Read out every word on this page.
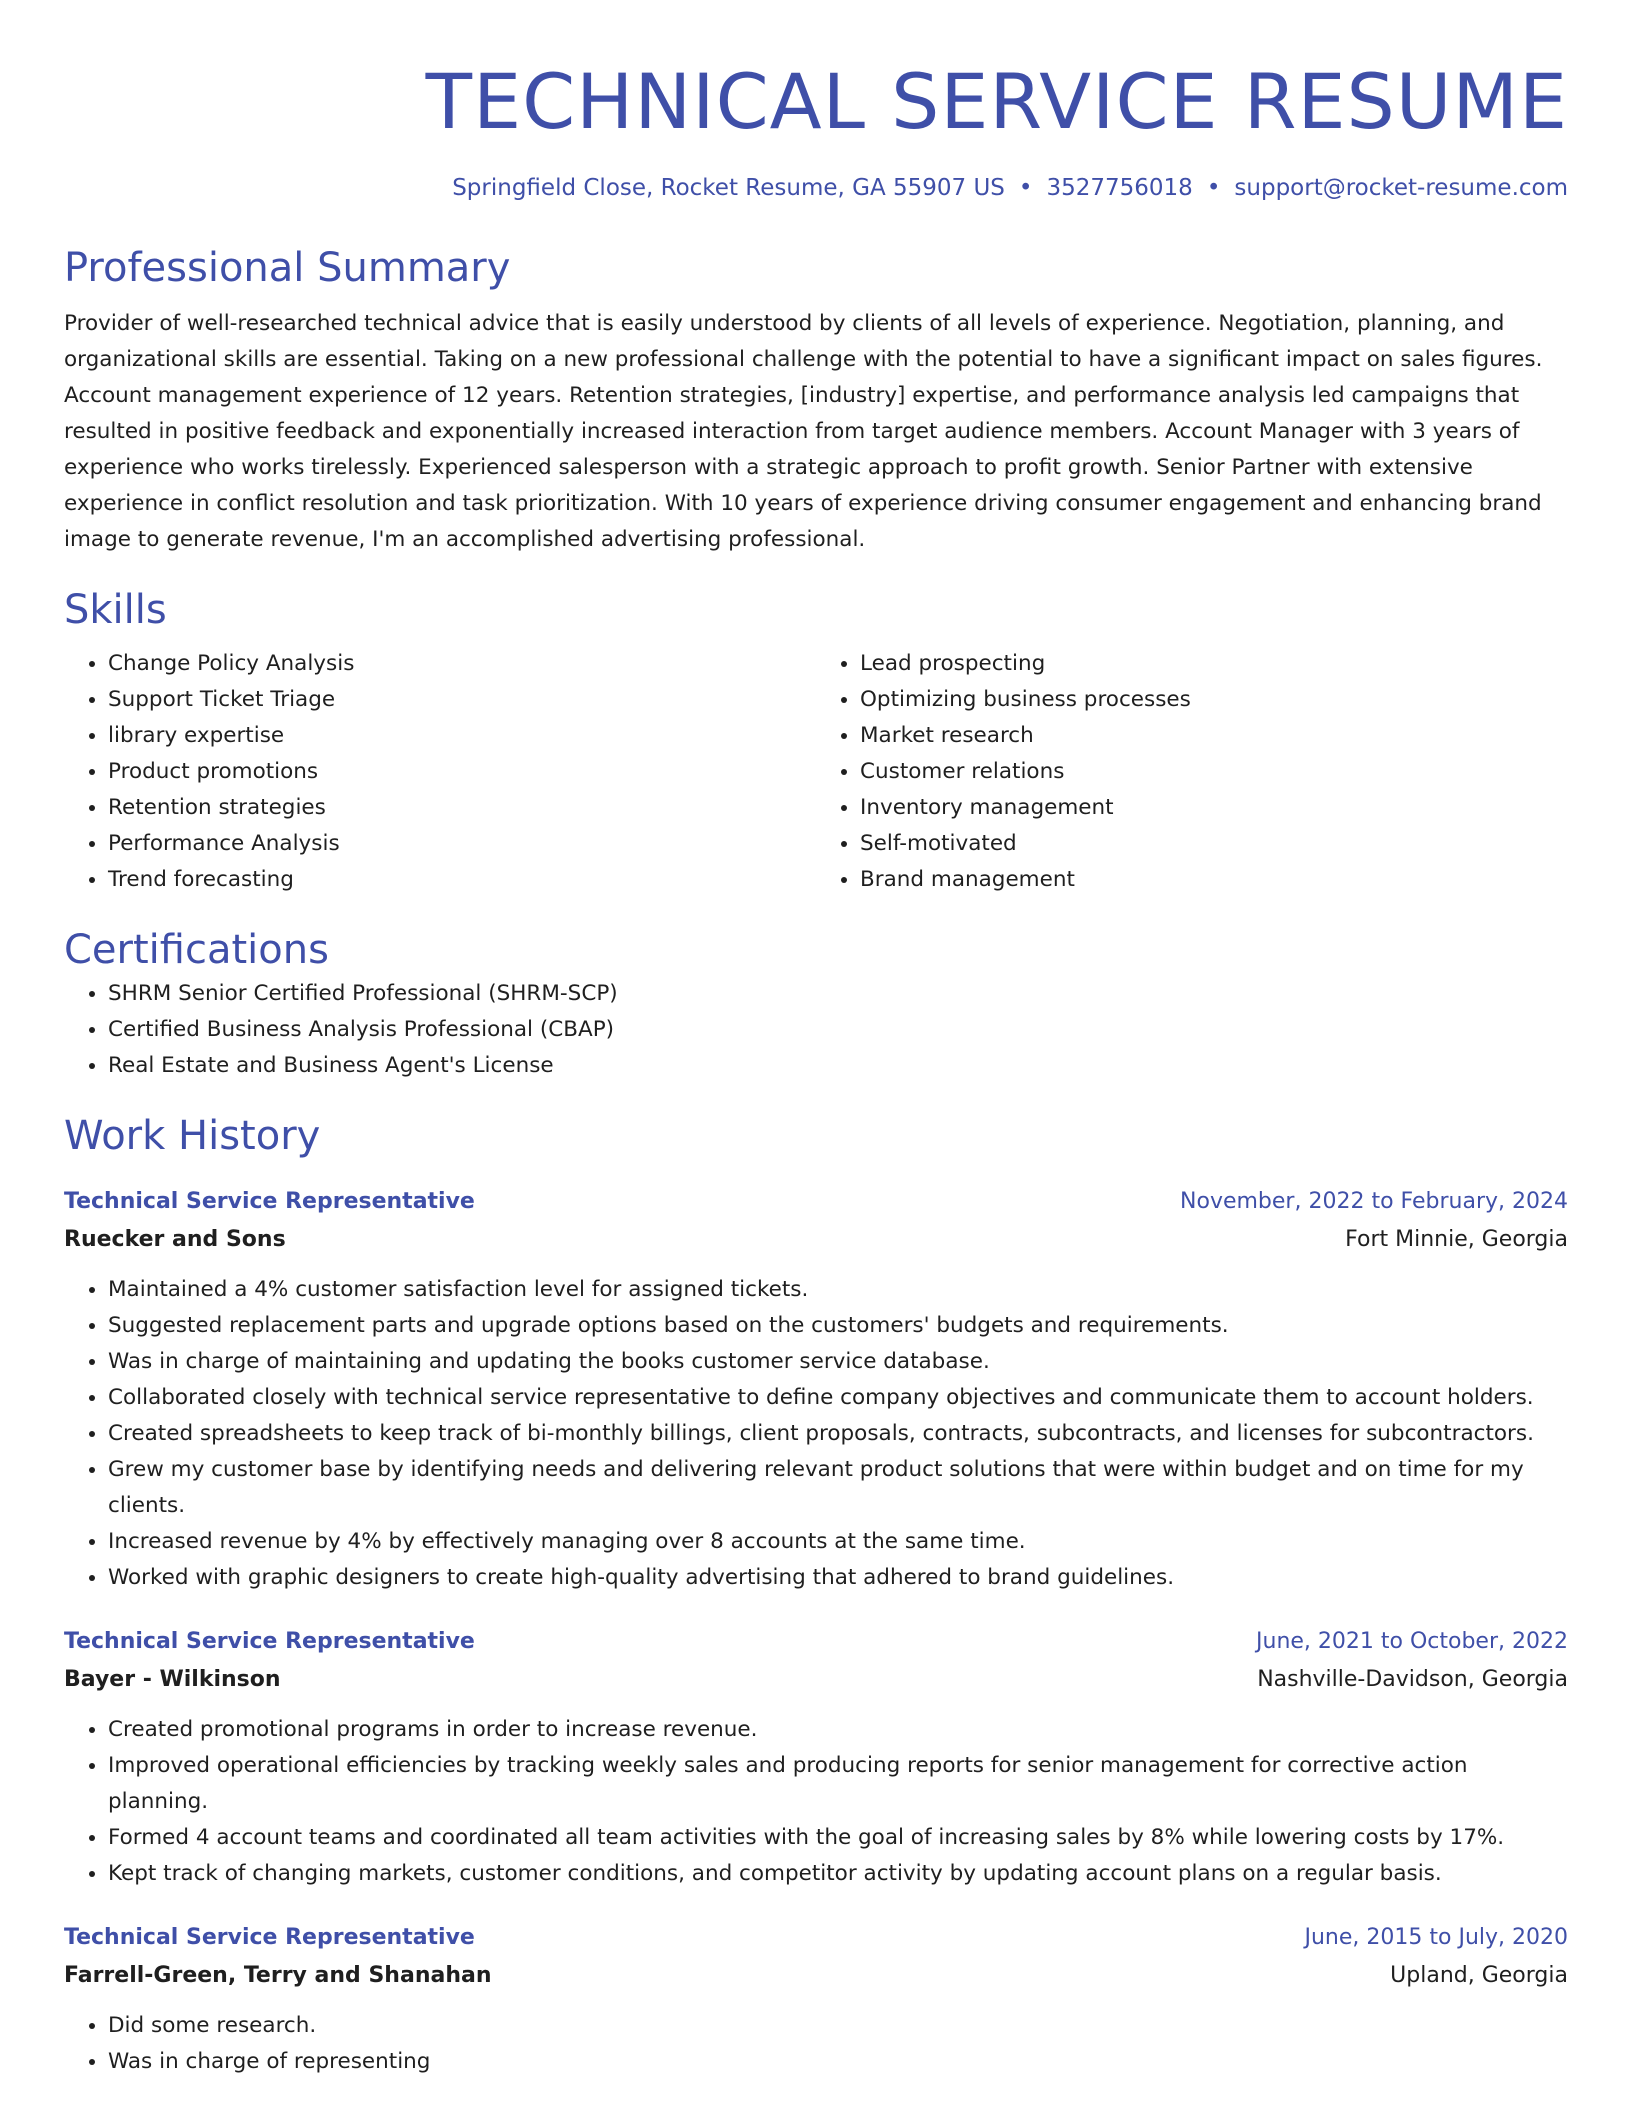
TECHNICAL SERVICE RESUME
Springfield Close, Rocket Resume, GA 55907 US • 3527756018 • support@rocket-resume.com
Professional Summary
Provider of well-researched technical advice that is easily understood by clients of all levels of experience. Negotiation, planning, and organizational skills are essential. Taking on a new professional challenge with the potential to have a significant impact on sales figures. Account management experience of 12 years. Retention strategies, [industry] expertise, and performance analysis led campaigns that resulted in positive feedback and exponentially increased interaction from target audience members. Account Manager with 3 years of experience who works tirelessly. Experienced salesperson with a strategic approach to profit growth. Senior Partner with extensive experience in conflict resolution and task prioritization. With 10 years of experience driving consumer engagement and enhancing brand image to generate revenue, I'm an accomplished advertising professional.
Skills
• Change Policy Analysis
• Support Ticket Triage
• library expertise
• Product promotions
• Retention strategies
• Performance Analysis
• Trend forecasting
• Lead prospecting
• Optimizing business processes
• Market research
• Customer relations
• Inventory management
• Self-motivated
• Brand management
Certifications
• SHRM Senior Certified Professional (SHRM-SCP)
• Certified Business Analysis Professional (CBAP)
• Real Estate and Business Agent's License
Work History
Technical Service Representative	November, 2022 to February, 2024
Ruecker and Sons	Fort Minnie, Georgia
• Maintained a 4% customer satisfaction level for assigned tickets.
• Suggested replacement parts and upgrade options based on the customers' budgets and requirements.
• Was in charge of maintaining and updating the books customer service database.
• Collaborated closely with technical service representative to define company objectives and communicate them to account holders.
• Created spreadsheets to keep track of bi-monthly billings, client proposals, contracts, subcontracts, and licenses for subcontractors.
• Grew my customer base by identifying needs and delivering relevant product solutions that were within budget and on time for my clients.
• Increased revenue by 4% by effectively managing over 8 accounts at the same time.
• Worked with graphic designers to create high-quality advertising that adhered to brand guidelines.
Technical Service Representative	June, 2021 to October, 2022
Bayer - Wilkinson	Nashville-Davidson, Georgia
• Created promotional programs in order to increase revenue.
• Improved operational efficiencies by tracking weekly sales and producing reports for senior management for corrective action planning.
• Formed 4 account teams and coordinated all team activities with the goal of increasing sales by 8% while lowering costs by 17%.
• Kept track of changing markets, customer conditions, and competitor activity by updating account plans on a regular basis.
Technical Service Representative	June, 2015 to July, 2020
Farrell-Green, Terry and Shanahan	Upland, Georgia
• Did some research.
• Was in charge of representing
